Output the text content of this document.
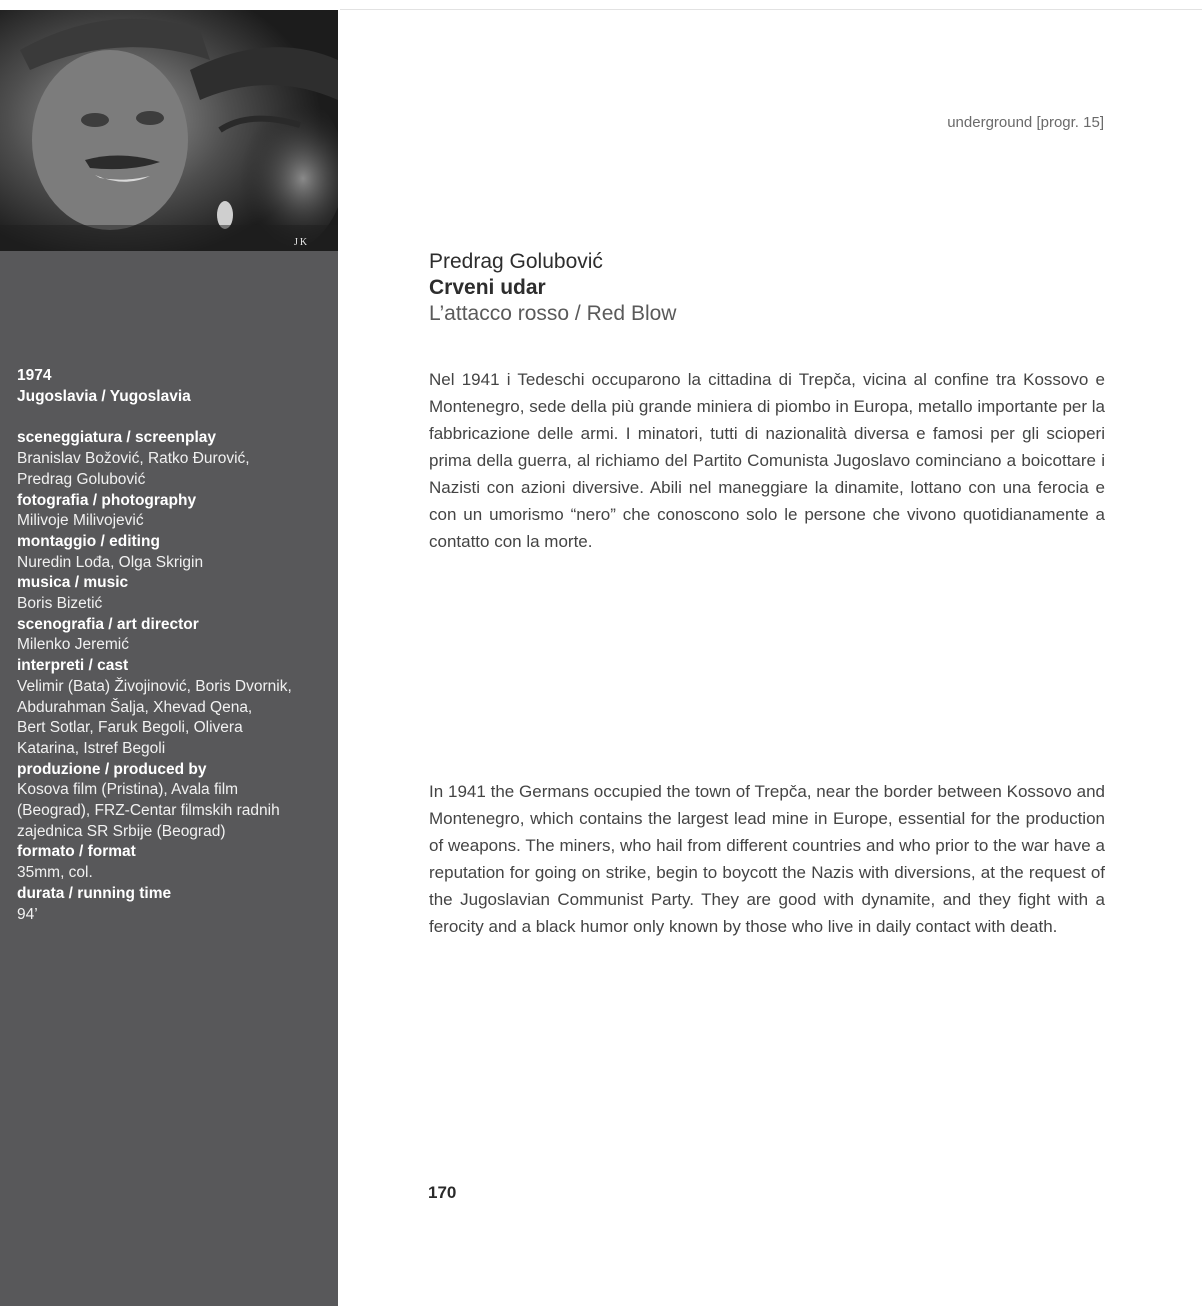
JK
1974
Jugoslavia / Yugoslavia
sceneggiatura / screenplay
Branislav Božović, Ratko Đurović,
Predrag Golubović
fotografia / photography
Milivoje Milivojević
montaggio / editing
Nuredin Lođa, Olga Skrigin
musica / music
Boris Bizetić
scenografia / art director
Milenko Jeremić
interpreti / cast
Velimir (Bata) Živojinović, Boris Dvornik,
Abdurahman Šalja, Xhevad Qena,
Bert Sotlar, Faruk Begoli, Olivera
Katarina, Istref Begoli
produzione / produced by
Kosova film (Pristina), Avala film
(Beograd), FRZ-Centar filmskih radnih
zajednica SR Srbije (Beograd)
formato / format
35mm, col.
durata / running time
94’
underground [progr. 15]
Predrag Golubović
Crveni udar
L’attacco rosso / Red Blow

Nel 1941 i Tedeschi occuparono la cittadina di Trepča, vicina al confine tra Kossovo e Montenegro, sede della più grande miniera di piombo in Europa, metallo importante per la fabbricazione delle armi. I minatori, tutti di nazionalità diversa e famosi per gli scioperi prima della guerra, al richiamo del Partito Comunista Jugoslavo cominciano a boicottare i Nazisti con azioni diversive. Abili nel maneggiare la dinamite, lottano con una ferocia e con un umorismo “nero” che conoscono solo le persone che vivono quotidianamente a contatto con la morte.

In 1941 the Germans occupied the town of Trepča, near the border between Kossovo and Montenegro, which contains the largest lead mine in Europe, essential for the production of weapons. The miners, who hail from different countries and who prior to the war have a reputation for going on strike, begin to boycott the Nazis with diversions, at the request of the Jugoslavian Communist Party. They are good with dynamite, and they fight with a ferocity and a black humor only known by those who live in daily contact with death.

170
